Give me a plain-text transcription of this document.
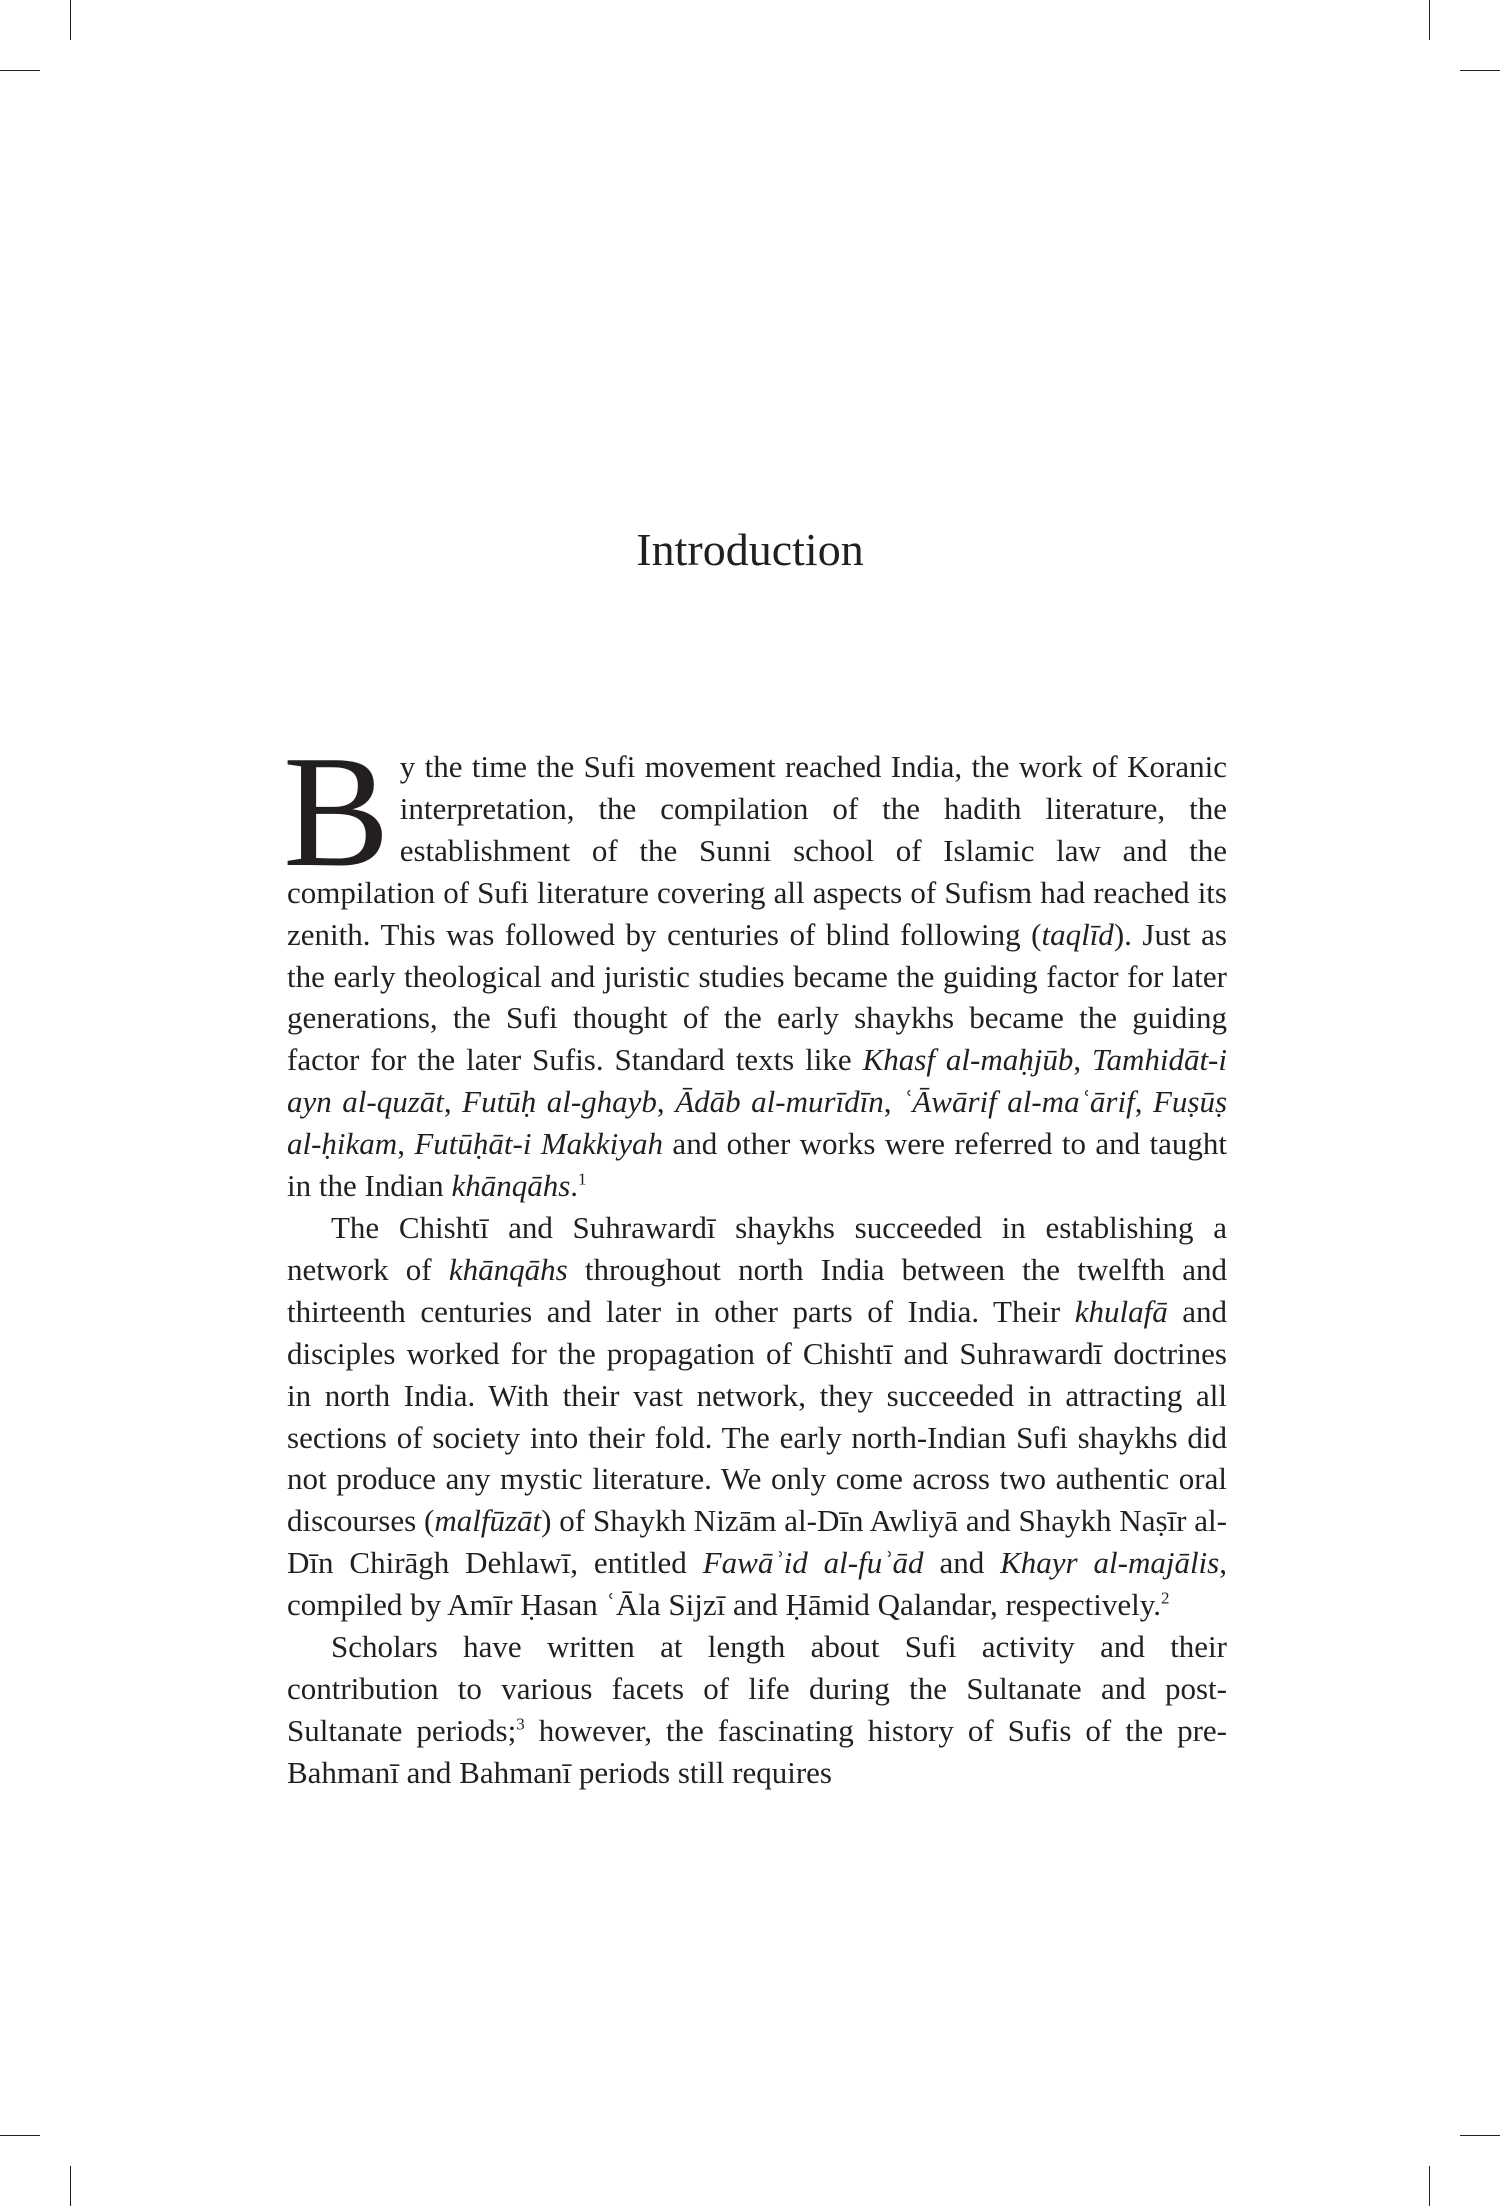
Introduction

By the time the Sufi movement reached India, the work of Koranic interpretation, the compilation of the hadith literature, the establishment of the Sunni school of Islamic law and the compilation of Sufi literature covering all aspects of Sufism had reached its zenith. This was followed by centuries of blind following (taqlīd). Just as the early theological and juristic studies became the guiding factor for later generations, the Sufi thought of the early shaykhs became the guiding factor for the later Sufis. Standard texts like Khasf al-maḥjūb, Tamhidāt-i ayn al-quzāt, Futūḥ al-ghayb, Ādāb al-murīdīn, ʿĀwārif al-maʿārif, Fuṣūṣ al-ḥikam, Futūḥāt-i Makkiyah and other works were referred to and taught in the Indian khānqāhs.$^1$

The Chishtī and Suhrawardī shaykhs succeeded in establishing a network of khānqāhs throughout north India between the twelfth and thirteenth centuries and later in other parts of India. Their khulafā and disciples worked for the propagation of Chishtī and Suhrawardī doctrines in north India. With their vast network, they succeeded in attracting all sections of society into their fold. The early north-Indian Sufi shaykhs did not produce any mystic literature. We only come across two authentic oral discourses (malfūzāt) of Shaykh Nizām al-Dīn Awliyā and Shaykh Naṣīr al-Dīn Chirāgh Dehlawī, entitled Fawāʾid al-fuʾād and Khayr al-majālis, compiled by Amīr Ḥasan ʿĀla Sijzī and Ḥāmid Qalandar, respectively.$^2$

Scholars have written at length about Sufi activity and their contribution to various facets of life during the Sultanate and post-Sultanate periods;$^3$ however, the fascinating history of Sufis of the pre-Bahmanī and Bahmanī periods still requires
